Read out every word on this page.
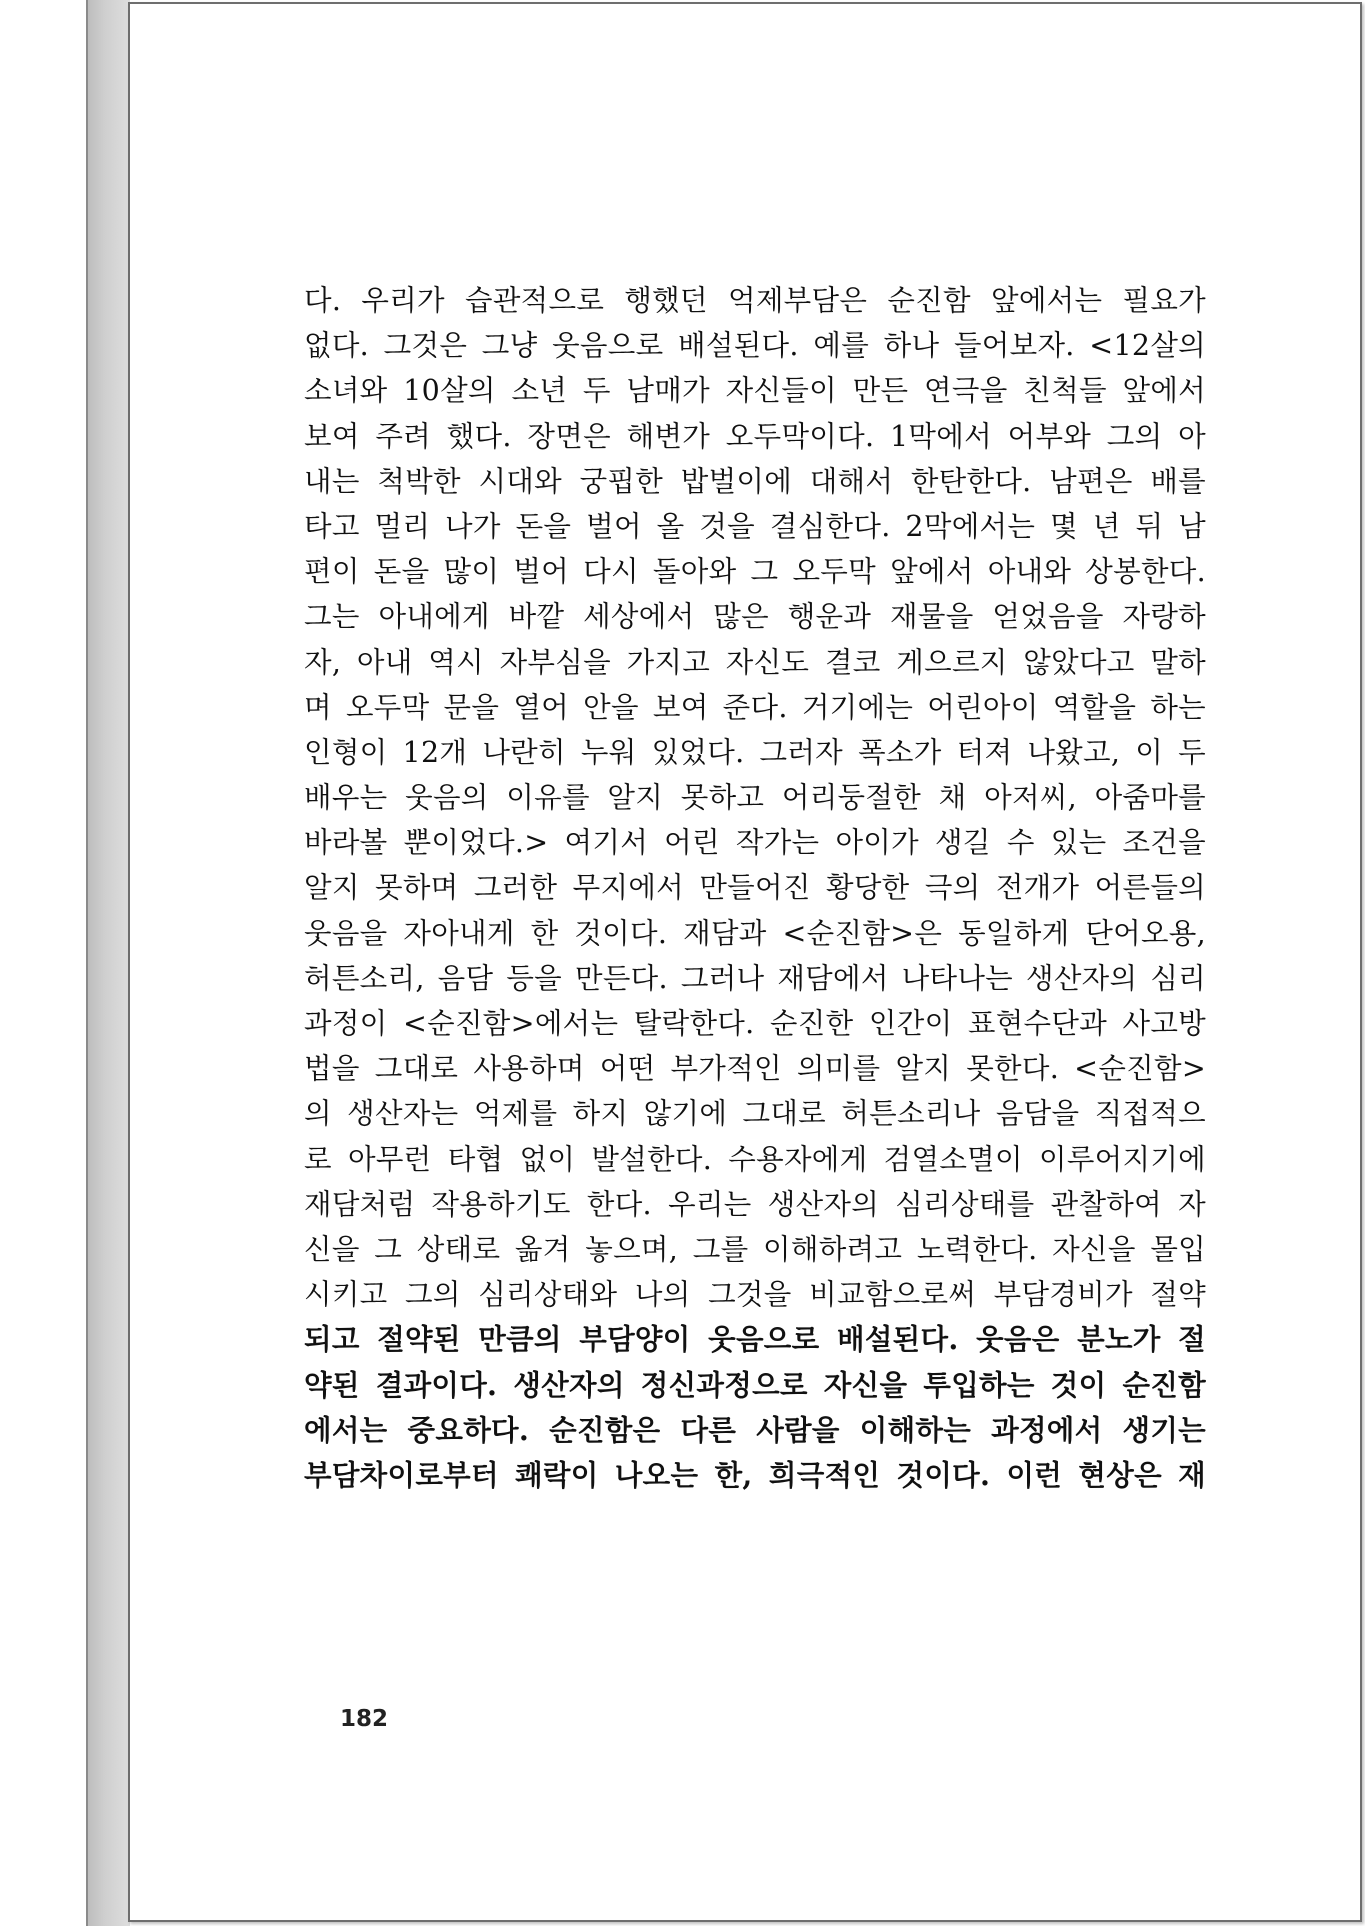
다. 우리가 습관적으로 행했던 억제부담은 순진함 앞에서는 필요가
없다. 그것은 그냥 웃음으로 배설된다. 예를 하나 들어보자. <12살의
소녀와 10살의 소년 두 남매가 자신들이 만든 연극을 친척들 앞에서
보여 주려 했다. 장면은 해변가 오두막이다. 1막에서 어부와 그의 아
내는 척박한 시대와 궁핍한 밥벌이에 대해서 한탄한다. 남편은 배를
타고 멀리 나가 돈을 벌어 올 것을 결심한다. 2막에서는 몇 년 뒤 남
편이 돈을 많이 벌어 다시 돌아와 그 오두막 앞에서 아내와 상봉한다.
그는 아내에게 바깥 세상에서 많은 행운과 재물을 얻었음을 자랑하
자, 아내 역시 자부심을 가지고 자신도 결코 게으르지 않았다고 말하
며 오두막 문을 열어 안을 보여 준다. 거기에는 어린아이 역할을 하는
인형이 12개 나란히 누워 있었다. 그러자 폭소가 터져 나왔고, 이 두
배우는 웃음의 이유를 알지 못하고 어리둥절한 채 아저씨, 아줌마를
바라볼 뿐이었다.> 여기서 어린 작가는 아이가 생길 수 있는 조건을
알지 못하며 그러한 무지에서 만들어진 황당한 극의 전개가 어른들의
웃음을 자아내게 한 것이다. 재담과 <순진함>은 동일하게 단어오용,
허튼소리, 음담 등을 만든다. 그러나 재담에서 나타나는 생산자의 심리
과정이 <순진함>에서는 탈락한다. 순진한 인간이 표현수단과 사고방
법을 그대로 사용하며 어떤 부가적인 의미를 알지 못한다. <순진함>
의 생산자는 억제를 하지 않기에 그대로 허튼소리나 음담을 직접적으
로 아무런 타협 없이 발설한다. 수용자에게 검열소멸이 이루어지기에
재담처럼 작용하기도 한다. 우리는 생산자의 심리상태를 관찰하여 자
신을 그 상태로 옮겨 놓으며, 그를 이해하려고 노력한다. 자신을 몰입
시키고 그의 심리상태와 나의 그것을 비교함으로써 부담경비가 절약
되고 절약된 만큼의 부담양이 웃음으로 배설된다. 웃음은 분노가 절
약된 결과이다. 생산자의 정신과정으로 자신을 투입하는 것이 순진함
에서는 중요하다. 순진함은 다른 사람을 이해하는 과정에서 생기는
부담차이로부터 쾌락이 나오는 한, 희극적인 것이다. 이런 현상은 재
182
